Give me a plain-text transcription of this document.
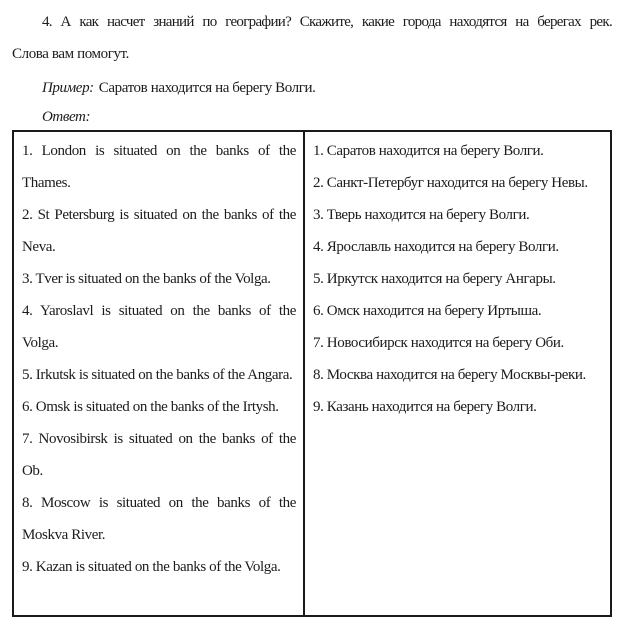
4. А как насчет знаний по географии? Скажите, какие города находятся на берегах рек.
Слова вам помогут.
Пример: Саратов находится на берегу Волги.
Ответ:

1. London is situated on the banks of the Thames.

2. St Petersburg is situated on the banks of the Neva.

3. Tver is situated on the banks of the Volga.

4. Yaroslavl is situated on the banks of the Volga.

5. Irkutsk is situated on the banks of the Angara.

6. Omsk is situated on the banks of the Irtysh.

7. Novosibirsk is situated on the banks of the Ob.

8. Moscow is situated on the banks of the Moskva River.

9. Kazan is situated on the banks of the Volga.

1. Саратов находится на берегу Волги.

2. Санкт-Петербуг находится на берегу Невы.

3. Тверь находится на берегу Волги.

4. Ярославль находится на берегу Волги.

5. Иркутск находится на берегу Ангары.

6. Омск находится на берегу Иртыша.

7. Новосибирск находится на берегу Оби.

8. Москва находится на берегу Москвы-реки.

9. Казань находится на берегу Волги.
